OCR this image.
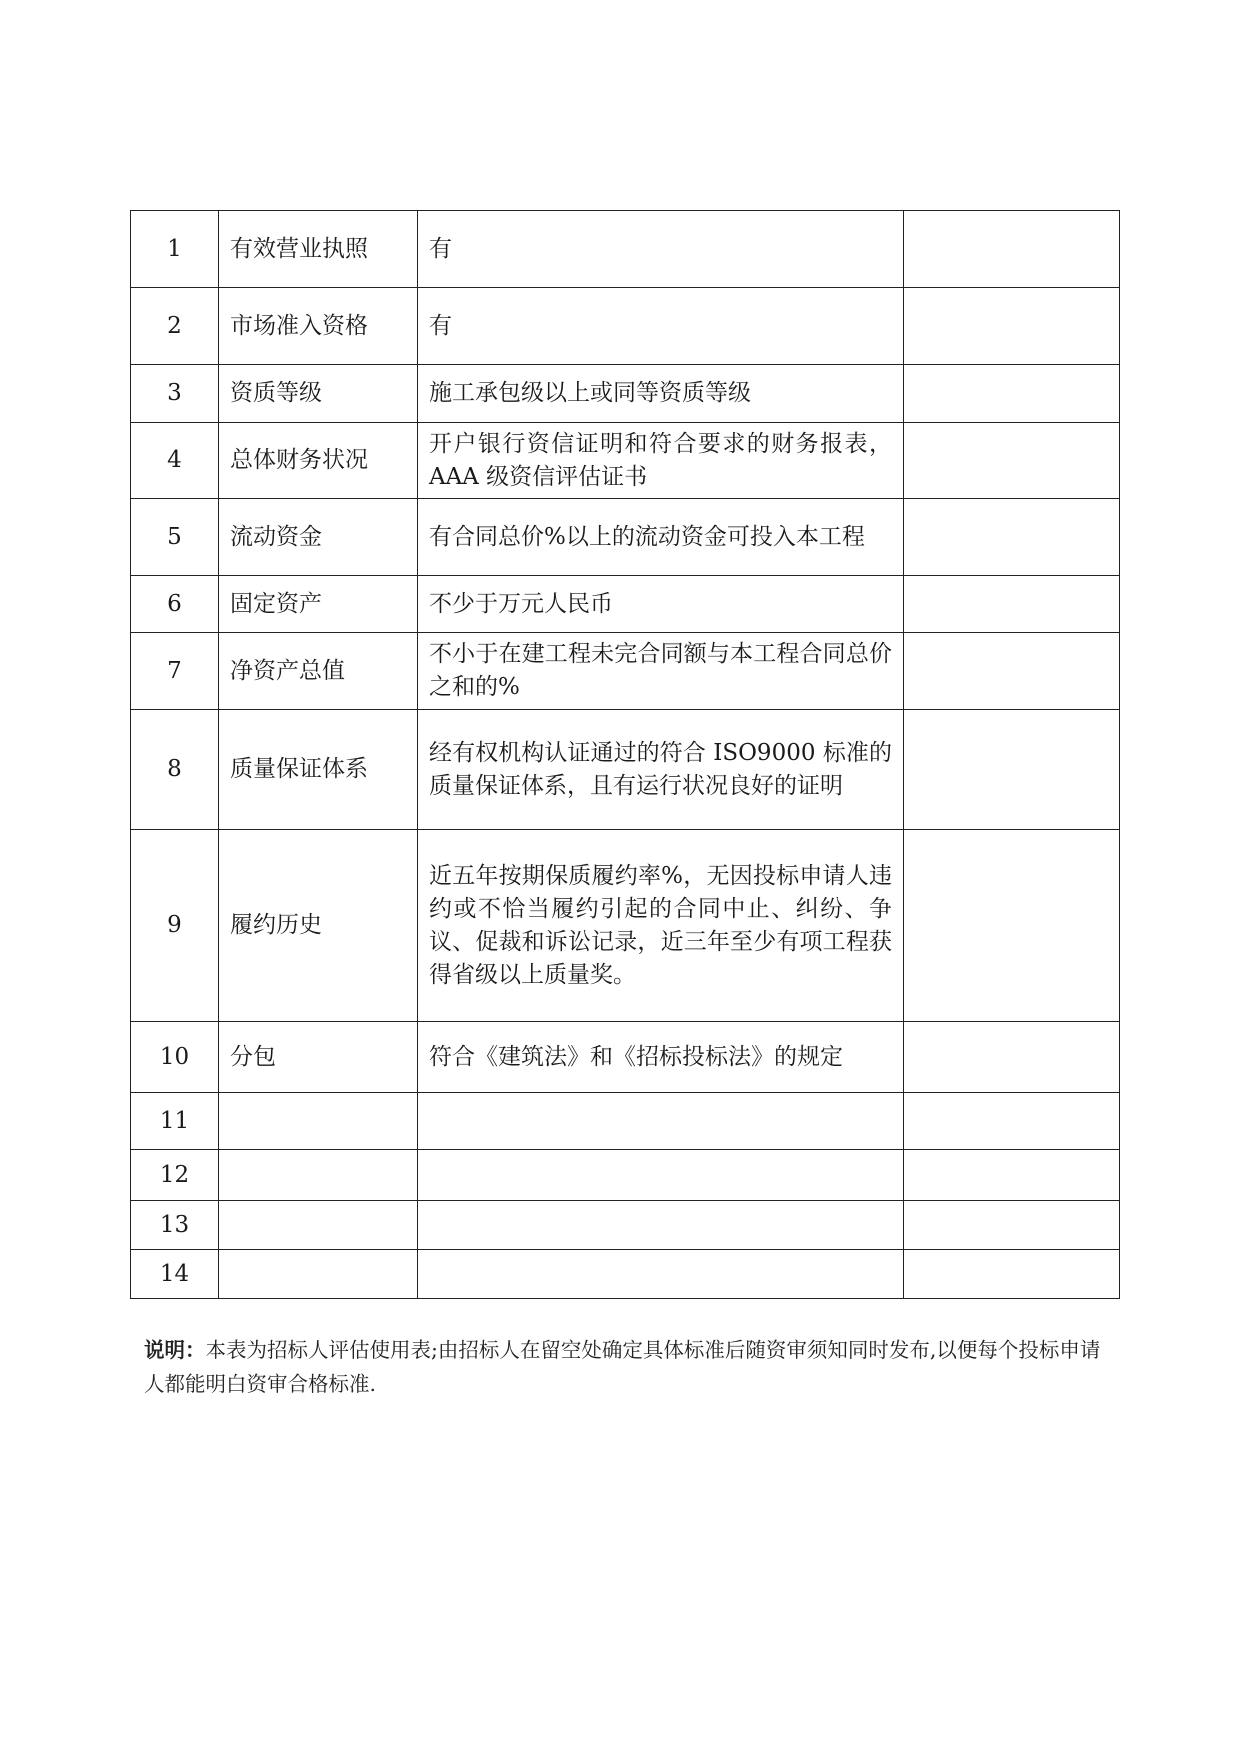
1	有效营业执照	有	

2	市场准入资格	有	

3	资质等级	施工承包级以上或同等资质等级	

4	总体财务状况	开户银行资信证明和符合要求的财务报表，AAA 级资信评估证书	

5	流动资金	有合同总价%以上的流动资金可投入本工程	

6	固定资产	不少于万元人民币	

7	净资产总值	不小于在建工程未完合同额与本工程合同总价之和的%	

8	质量保证体系	经有权机构认证通过的符合 ISO9000 标准的质量保证体系，且有运行状况良好的证明	

9	履约历史	近五年按期保质履约率%，无因投标申请人违约或不恰当履约引起的合同中止、纠纷、争议、促裁和诉讼记录，近三年至少有项工程获得省级以上质量奖。	

10	分包	符合《建筑法》和《招标投标法》的规定	

11		

12		

13		

14		

说明：本表为招标人评估使用表;由招标人在留空处确定具体标准后随资审须知同时发布,以便每个投标申请人都能明白资审合格标准.
